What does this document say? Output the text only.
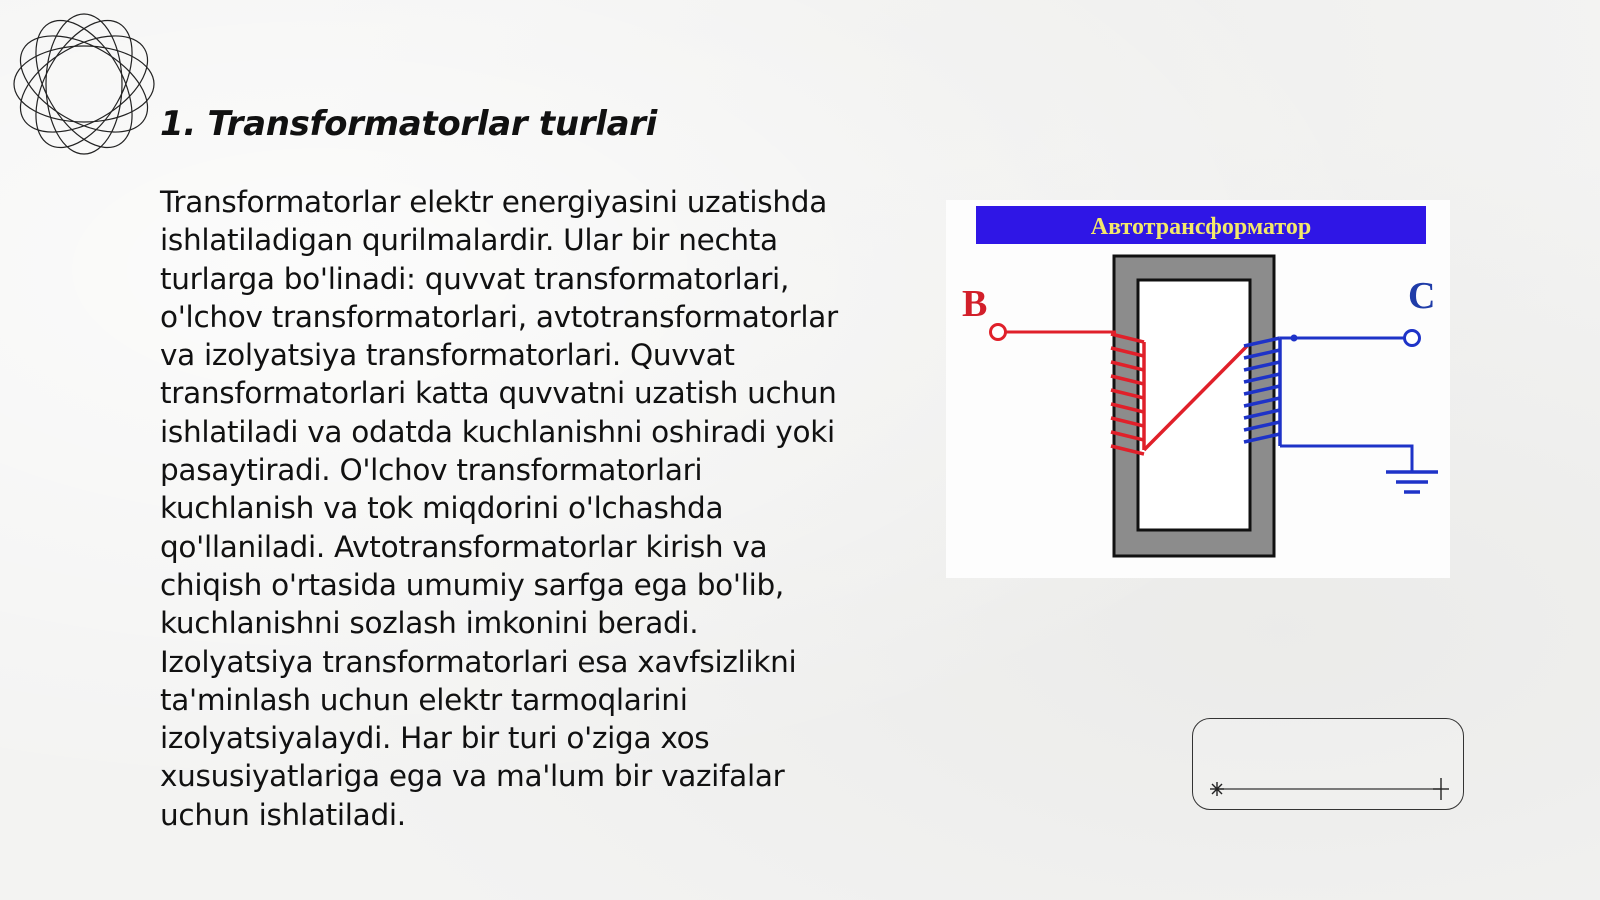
1. Transformatorlar turlari

Transformatorlar elektr energiyasini uzatishda ishlatiladigan qurilmalardir. Ular bir nechta turlarga bo'linadi: quvvat transformatorlari, o'lchov transformatorlari, avtotransformatorlar va izolyatsiya transformatorlari. Quvvat transformatorlari katta quvvatni uzatish uchun ishlatiladi va odatda kuchlanishni oshiradi yoki pasaytiradi. O'lchov transformatorlari kuchlanish va tok miqdorini o'lchashda qo'llaniladi. Avtotransformatorlar kirish va chiqish o'rtasida umumiy sarfga ega bo'lib, kuchlanishni sozlash imkonini beradi. Izolyatsiya transformatorlari esa xavfsizlikni ta'minlash uchun elektr tarmoqlarini izolyatsiyalaydi. Har bir turi o'ziga xos xususiyatlariga ega va ma'lum bir vazifalar uchun ishlatiladi.

Автотрансформатор
B	C
